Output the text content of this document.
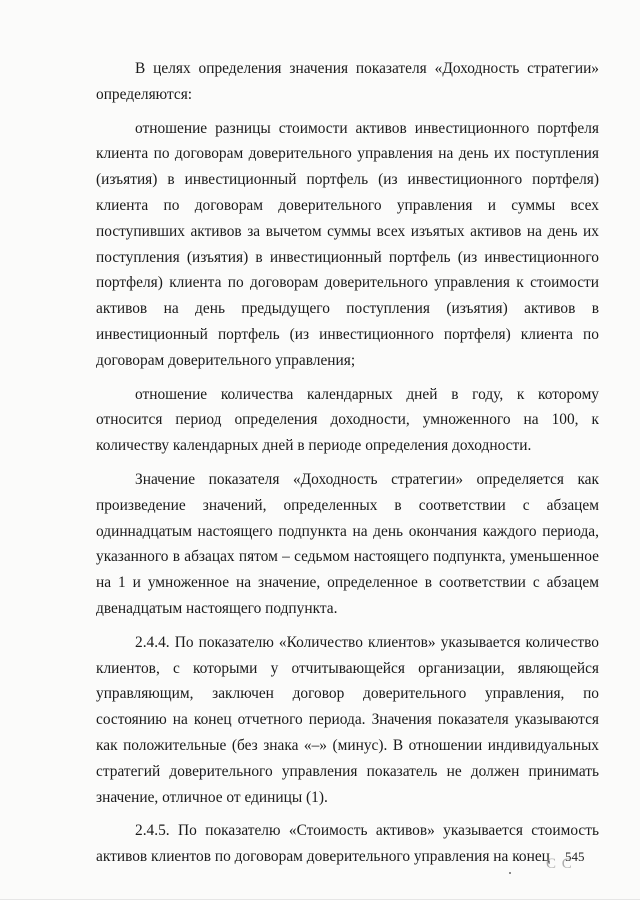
В целях определения значения показателя «Доходность стратегии» определяются:

отношение разницы стоимости активов инвестиционного портфеля клиента по договорам доверительного управления на день их поступления (изъятия) в инвестиционный портфель (из инвестиционного портфеля) клиента по договорам доверительного управления и суммы всех поступивших активов за вычетом суммы всех изъятых активов на день их поступления (изъятия) в инвестиционный портфель (из инвестиционного портфеля) клиента по договорам доверительного управления к стоимости активов на день предыдущего поступления (изъятия) активов в инвестиционный портфель (из инвестиционного портфеля) клиента по договорам доверительного управления;

отношение количества календарных дней в году, к которому относится период определения доходности, умноженного на 100, к количеству календарных дней в периоде определения доходности.

Значение показателя «Доходность стратегии» определяется как произведение значений, определенных в соответствии с абзацем одиннадцатым настоящего подпункта на день окончания каждого периода, указанного в абзацах пятом – седьмом настоящего подпункта, уменьшенное на 1 и умноженное на значение, определенное в соответствии с абзацем двенадцатым настоящего подпункта.

2.4.4. По показателю «Количество клиентов» указывается количество клиентов, с которыми у отчитывающейся организации, являющейся управляющим, заключен договор доверительного управления, по состоянию на конец отчетного периода. Значения показателя указываются как положительные (без знака «–» (минус). В отношении индивидуальных стратегий доверительного управления показатель не должен принимать значение, отличное от единицы (1).

2.4.5. По показателю «Стоимость активов» указывается стоимость активов клиентов по договорам доверительного управления на конец	545
С С
